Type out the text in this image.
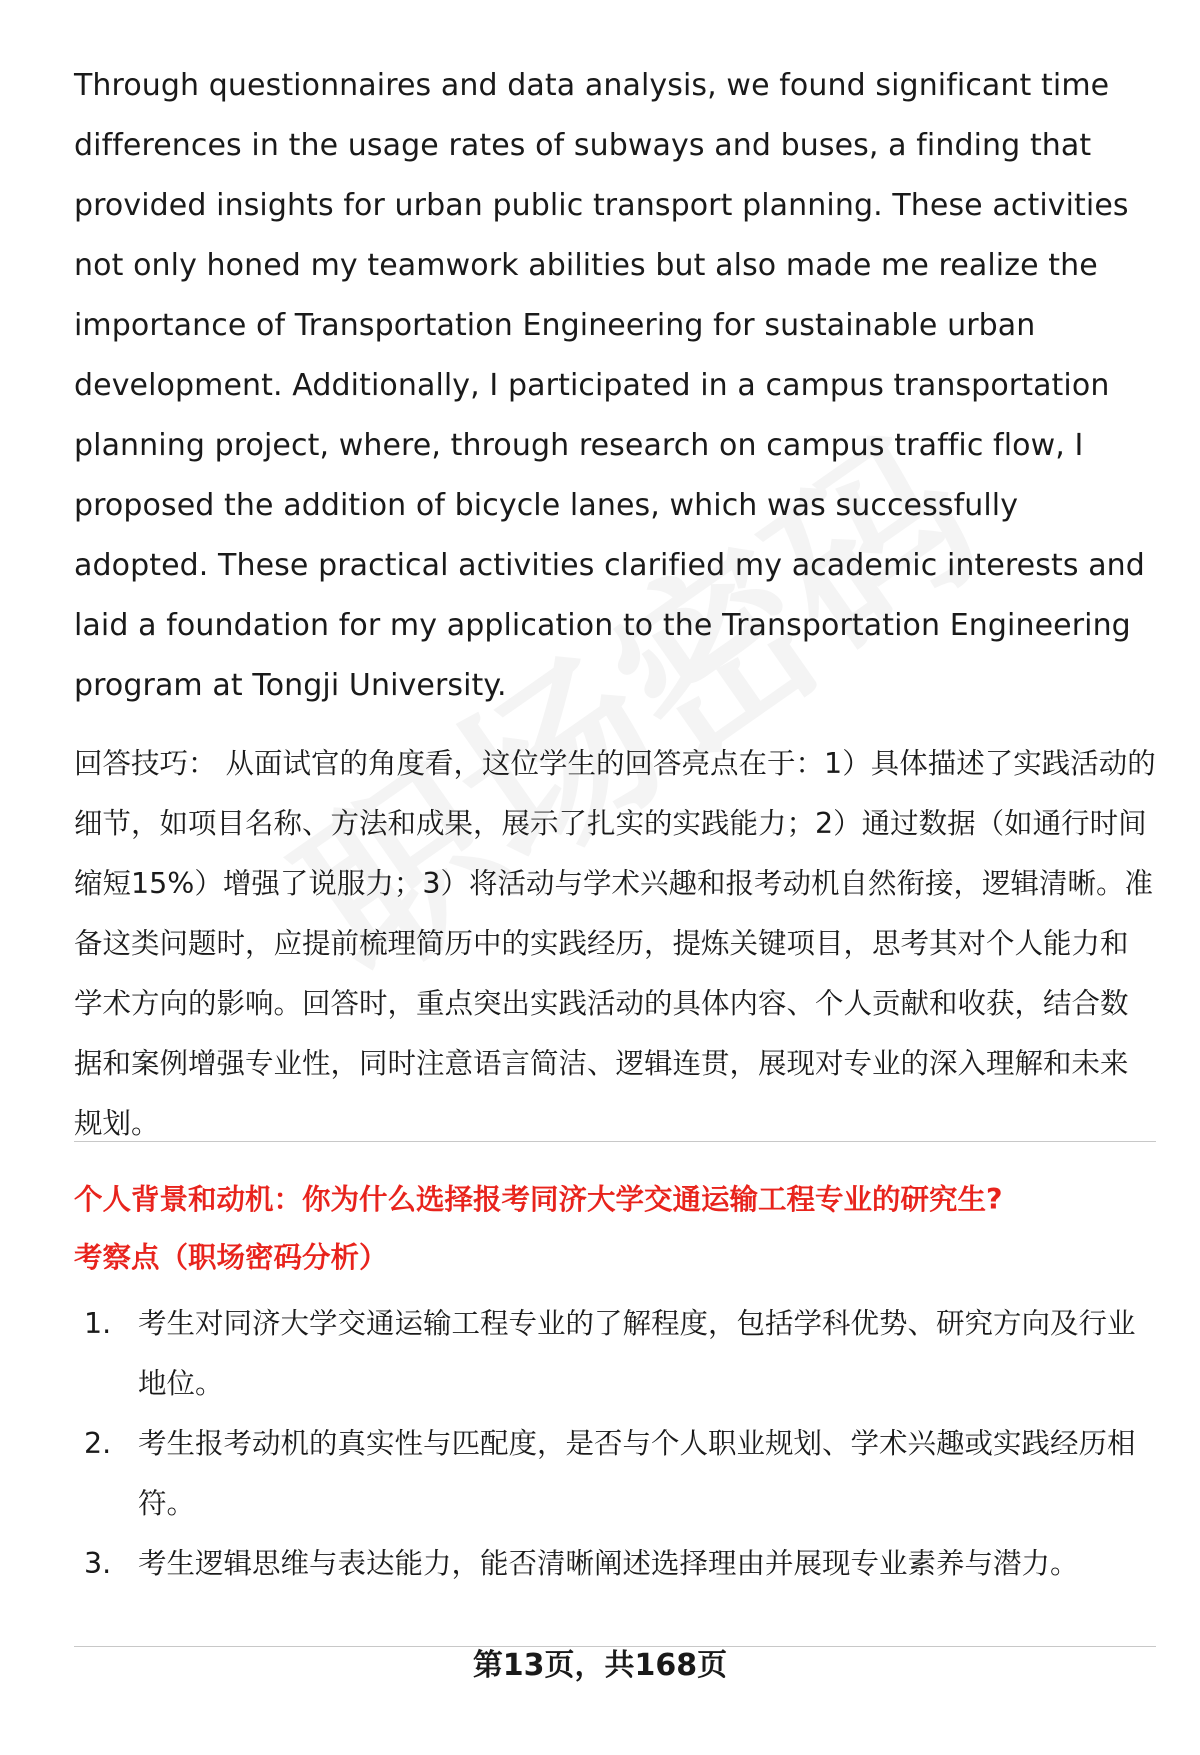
Through questionnaires and data analysis, we found significant time differences in the usage rates of subways and buses, a finding that provided insights for urban public transport planning. These activities not only honed my teamwork abilities but also made me realize the importance of Transportation Engineering for sustainable urban development. Additionally, I participated in a campus transportation planning project, where, through research on campus traffic flow, I proposed the addition of bicycle lanes, which was successfully adopted. These practical activities clarified my academic interests and laid a foundation for my application to the Transportation Engineering program at Tongji University.

回答技巧： 从面试官的角度看，这位学生的回答亮点在于：1）具体描述了实践活动的细节，如项目名称、方法和成果，展示了扎实的实践能力；2）通过数据（如通行时间缩短15%）增强了说服力；3）将活动与学术兴趣和报考动机自然衔接，逻辑清晰。准备这类问题时，应提前梳理简历中的实践经历，提炼关键项目，思考其对个人能力和学术方向的影响。回答时，重点突出实践活动的具体内容、个人贡献和收获，结合数据和案例增强专业性，同时注意语言简洁、逻辑连贯，展现对专业的深入理解和未来规划。

个人背景和动机：你为什么选择报考同济大学交通运输工程专业的研究生?
考察点（职场密码分析）
1. 考生对同济大学交通运输工程专业的了解程度，包括学科优势、研究方向及行业地位。
2. 考生报考动机的真实性与匹配度，是否与个人职业规划、学术兴趣或实践经历相符。
3. 考生逻辑思维与表达能力，能否清晰阐述选择理由并展现专业素养与潜力。
第13页，共168页
